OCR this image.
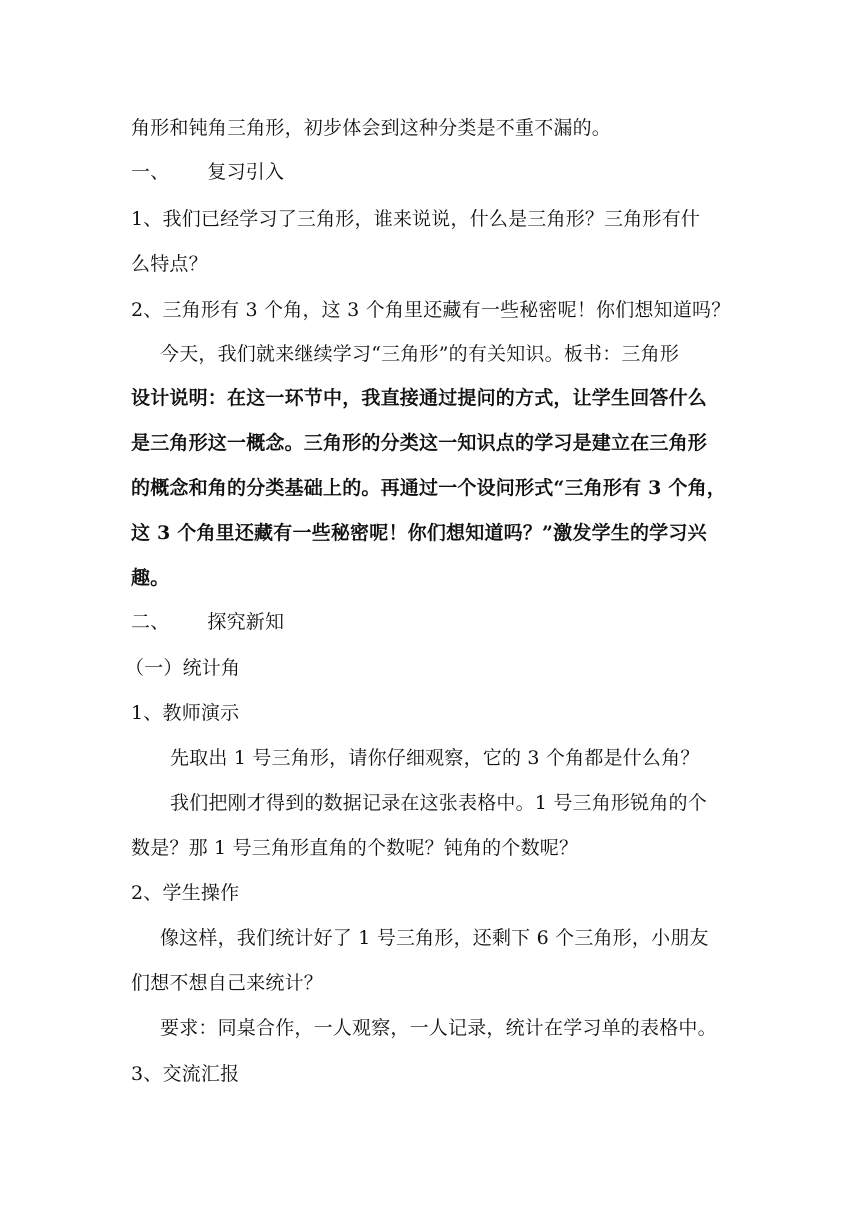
角形和钝角三角形，初步体会到这种分类是不重不漏的。
一、 复习引入
1、我们已经学习了三角形，谁来说说，什么是三角形？三角形有什
么特点？
2、三角形有 3 个角，这 3 个角里还藏有一些秘密呢！你们想知道吗？
今天，我们就来继续学习“三角形”的有关知识。板书：三角形
设计说明：在这一环节中，我直接通过提问的方式，让学生回答什么
是三角形这一概念。三角形的分类这一知识点的学习是建立在三角形
的概念和角的分类基础上的。再通过一个设问形式“三角形有 3 个角，
这 3 个角里还藏有一些秘密呢！你们想知道吗？”激发学生的学习兴
趣。
二、 探究新知
（一）统计角
1、教师演示
先取出 1 号三角形，请你仔细观察，它的 3 个角都是什么角？
我们把刚才得到的数据记录在这张表格中。1 号三角形锐角的个
数是？那 1 号三角形直角的个数呢？钝角的个数呢？
2、学生操作
像这样，我们统计好了 1 号三角形，还剩下 6 个三角形，小朋友
们想不想自己来统计？
要求：同桌合作，一人观察，一人记录，统计在学习单的表格中。
3、交流汇报
